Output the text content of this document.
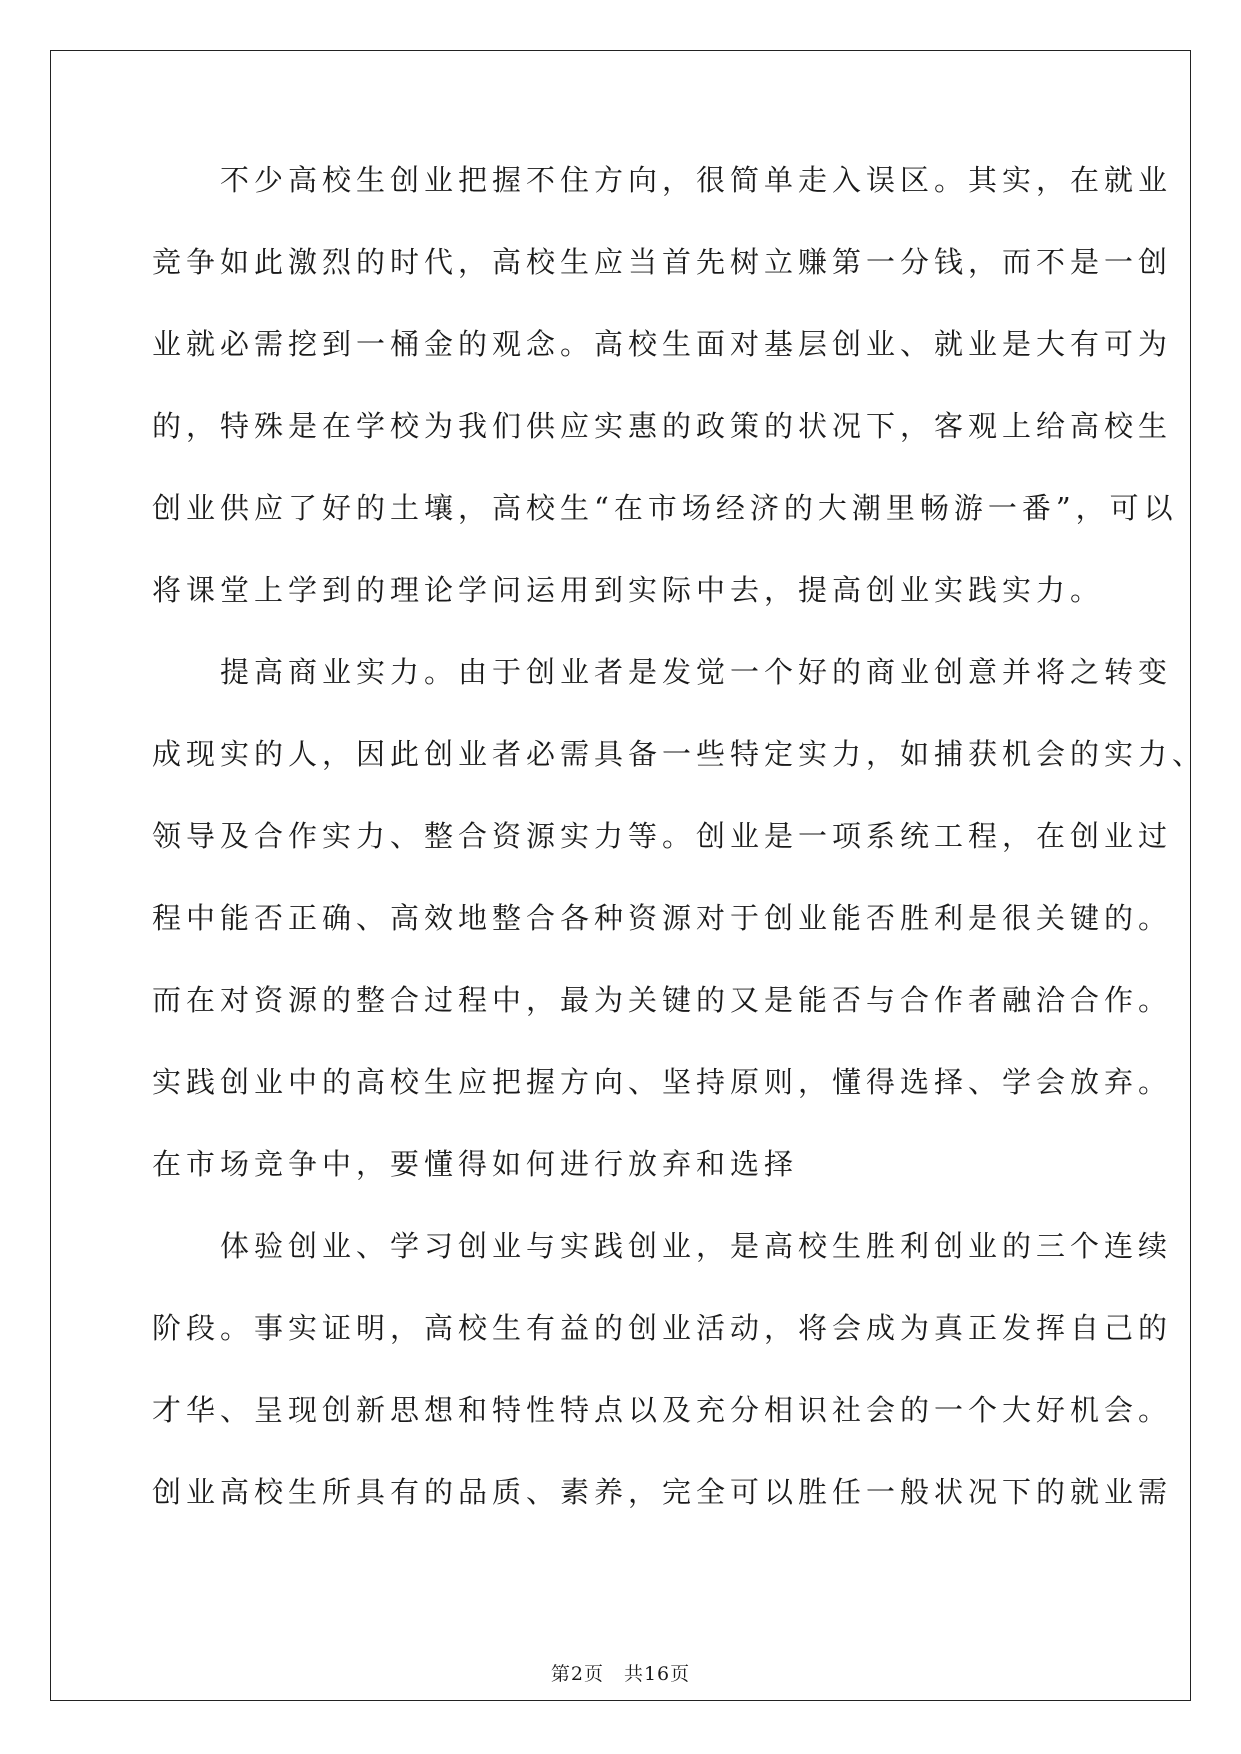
　　不少高校生创业把握不住方向，很简单走入误区。其实，在就业

竞争如此激烈的时代，高校生应当首先树立赚第一分钱，而不是一创

业就必需挖到一桶金的观念。高校生面对基层创业、就业是大有可为

的，特殊是在学校为我们供应实惠的政策的状况下，客观上给高校生

创业供应了好的土壤，高校生“在市场经济的大潮里畅游一番”，可以

将课堂上学到的理论学问运用到实际中去，提高创业实践实力。

　　提高商业实力。由于创业者是发觉一个好的商业创意并将之转变

成现实的人，因此创业者必需具备一些特定实力，如捕获机会的实力、

领导及合作实力、整合资源实力等。创业是一项系统工程，在创业过

程中能否正确、高效地整合各种资源对于创业能否胜利是很关键的。

而在对资源的整合过程中，最为关键的又是能否与合作者融洽合作。

实践创业中的高校生应把握方向、坚持原则，懂得选择、学会放弃。

在市场竞争中，要懂得如何进行放弃和选择

　　体验创业、学习创业与实践创业，是高校生胜利创业的三个连续

阶段。事实证明，高校生有益的创业活动，将会成为真正发挥自己的

才华、呈现创新思想和特性特点以及充分相识社会的一个大好机会。

创业高校生所具有的品质、素养，完全可以胜任一般状况下的就业需

第2页　共16页
